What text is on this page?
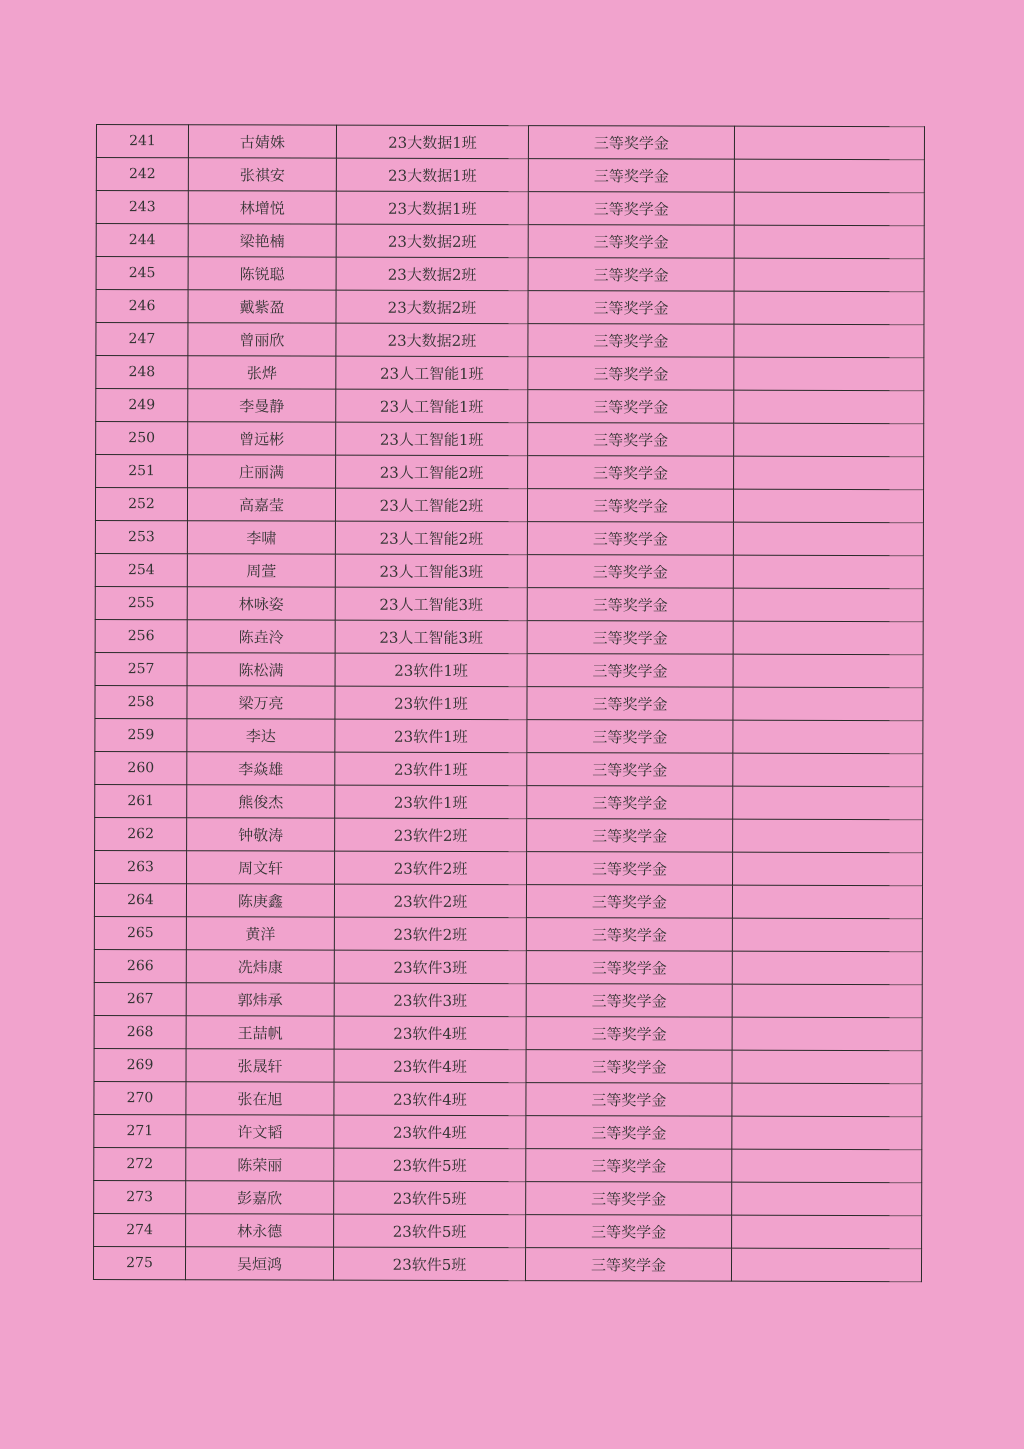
241	古婧姝	23大数据1班	三等奖学金	
242	张祺安	23大数据1班	三等奖学金	
243	林增悦	23大数据1班	三等奖学金	
244	梁艳楠	23大数据2班	三等奖学金	
245	陈锐聪	23大数据2班	三等奖学金	
246	戴紫盈	23大数据2班	三等奖学金	
247	曾丽欣	23大数据2班	三等奖学金	
248	张烨	23人工智能1班	三等奖学金	
249	李曼静	23人工智能1班	三等奖学金	
250	曾远彬	23人工智能1班	三等奖学金	
251	庄丽满	23人工智能2班	三等奖学金	
252	高嘉莹	23人工智能2班	三等奖学金	
253	李啸	23人工智能2班	三等奖学金	
254	周萱	23人工智能3班	三等奖学金	
255	林咏姿	23人工智能3班	三等奖学金	
256	陈垚泠	23人工智能3班	三等奖学金	
257	陈松满	23软件1班	三等奖学金	
258	梁万亮	23软件1班	三等奖学金	
259	李达	23软件1班	三等奖学金	
260	李焱雄	23软件1班	三等奖学金	
261	熊俊杰	23软件1班	三等奖学金	
262	钟敬涛	23软件2班	三等奖学金	
263	周文轩	23软件2班	三等奖学金	
264	陈庚鑫	23软件2班	三等奖学金	
265	黄洋	23软件2班	三等奖学金	
266	冼炜康	23软件3班	三等奖学金	
267	郭炜承	23软件3班	三等奖学金	
268	王喆帆	23软件4班	三等奖学金	
269	张晟轩	23软件4班	三等奖学金	
270	张在旭	23软件4班	三等奖学金	
271	许文韬	23软件4班	三等奖学金	
272	陈荣丽	23软件5班	三等奖学金	
273	彭嘉欣	23软件5班	三等奖学金	
274	林永德	23软件5班	三等奖学金	
275	吴烜鸿	23软件5班	三等奖学金	
